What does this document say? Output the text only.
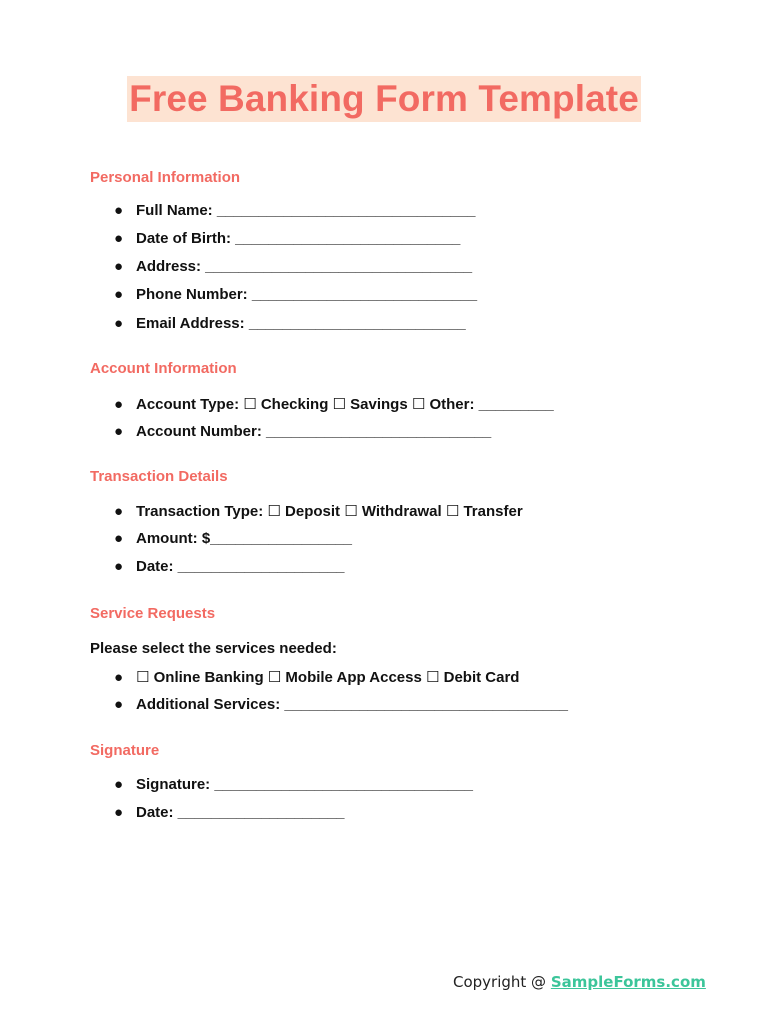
Free Banking Form Template
Personal Information
● Full Name: _______________________________
● Date of Birth: ___________________________
● Address: ________________________________
● Phone Number: ___________________________
● Email Address: __________________________
Account Information
● Account Type: ☐ Checking ☐ Savings ☐ Other: _________
● Account Number: ___________________________
Transaction Details
● Transaction Type: ☐ Deposit ☐ Withdrawal ☐ Transfer
● Amount: $_________________
● Date: ____________________
Service Requests
Please select the services needed:
● ☐ Online Banking ☐ Mobile App Access ☐ Debit Card
● Additional Services: __________________________________
Signature
● Signature: _______________________________
● Date: ____________________
Copyright @ SampleForms.com
